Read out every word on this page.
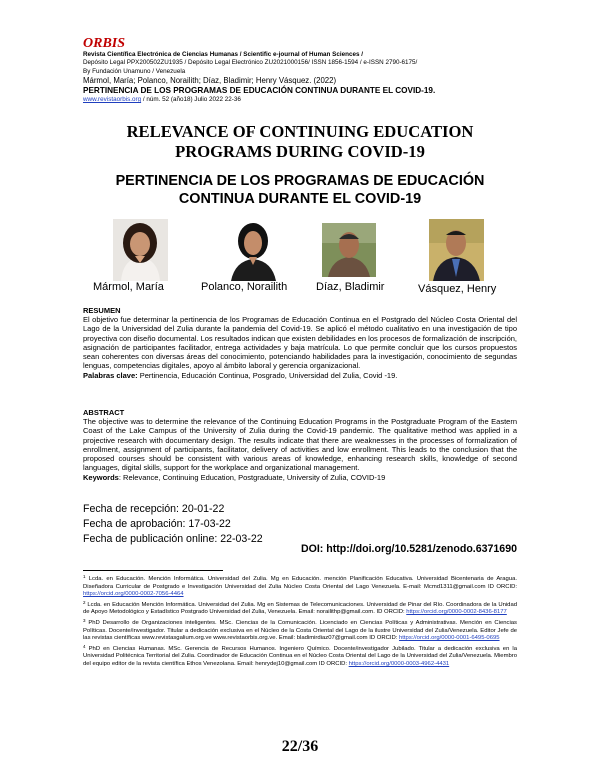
ORBIS
Revista Científica Electrónica de Ciencias Humanas / Scientific e-journal of Human Sciences /
Depósito Legal PPX200502ZU1935 / Depósito Legal Electrónico ZU2021000156/ ISSN 1856-1594 / e-ISSN 2790-6175/
By Fundación Unamuno / Venezuela
Mármol, María; Polanco, Norailith; Díaz, Bladimir; Henry Vásquez. (2022)
PERTINENCIA DE LOS PROGRAMAS DE EDUCACIÓN CONTINUA DURANTE EL COVID-19.
www.revistaorbis.org / núm. 52 (año18) Julio 2022 22-36
RELEVANCE OF CONTINUING EDUCATION PROGRAMS DURING COVID-19
PERTINENCIA DE LOS PROGRAMAS DE EDUCACIÓN CONTINUA DURANTE EL COVID-19
Mármol, María	Polanco, Norailith	Díaz, Bladimir	Vásquez, Henry
RESUMEN

El objetivo fue determinar la pertinencia de los Programas de Educación Continua en el Postgrado del Núcleo Costa Oriental del Lago de la Universidad del Zulia durante la pandemia del Covid-19. Se aplicó el método cualitativo en una investigación de tipo proyectiva con diseño documental. Los resultados indican que existen debilidades en los procesos de formalización de inscripción, asignación de participantes facilitador, entrega actividades y baja matrícula. Lo que permite concluir que los cursos propuestos sean coherentes con diversas áreas del conocimiento, potenciando habilidades para la investigación, conocimiento de segundas lenguas, competencias digitales, apoyo al ámbito laboral y gerencia organizacional.

Palabras clave: Pertinencia, Educación Continua, Posgrado, Universidad del Zulia, Covid -19.

ABSTRACT

The objective was to determine the relevance of the Continuing Education Programs in the Postgraduate Program of the Eastern Coast of the Lake Campus of the University of Zulia during the Covid-19 pandemic. The qualitative method was applied in a projective research with documentary design. The results indicate that there are weaknesses in the processes of formalization of enrollment, assignment of participants, facilitator, delivery of activities and low enrollment. This leads to the conclusion that the proposed courses should be consistent with various areas of knowledge, enhancing research skills, knowledge of second languages, digital skills, support for the workplace and organizational management.

Keywords: Relevance, Continuing Education, Postgraduate, University of Zulia, COVID-19

Fecha de recepción: 20-01-22
Fecha de aprobación: 17-03-22
Fecha de publicación online: 22-03-22
DOI: http://doi.org/10.5281/zenodo.6371690

$^1$ Lcda. en Educación. Mención Informática. Universidad del Zulia. Mg en Educación. mención Planificación Educativa. Universidad Bicentenaria de Aragua. Diseñadora Curricular de Postgrado e Investigación Universidad del Zulia Núcleo Costa Oriental del Lago Venezuela. E-mail: Mcmd1311@gmail.com ID ORCID: https://orcid.org/0000-0002-7056-4464

$^2$ Lcda. en Educación Mención Informática. Universidad del Zulia. Mg en Sistemas de Telecomunicaciones. Universidad de Pinar del Río. Coordinadora de la Unidad de Apoyo Metodológico y Estadístico Postgrado Universidad del Zulia, Venezuela. Email: norailithp@gmail.com. ID ORCID: https://orcid.org/0000-0002-8436-8177

$^3$ PhD Desarrollo de Organizaciones inteligentes. MSc. Ciencias de la Comunicación. Licenciado en Ciencias Políticas y Administrativas. Mención en Ciencias Políticas. Docente/investigador. Titular a dedicación exclusiva en el Núcleo de la Costa Oriental del Lago de la ilustre Universidad del Zulia/Venezuela. Editor Jefe de las revistas científicas www.revistasgalium.org.ve www.revistaorbis.org.ve. Email: bladimirdiaz07@gmail.com ID ORCID: https://orcid.org/0000-0001-6495-0695

$^4$ PhD en Ciencias Humanas. MSc. Gerencia de Recursos Humanos. Ingeniero Químico. Docente/investigador Jubilado. Titular a dedicación exclusiva en la Universidad Politécnica Territorial del Zulia. Coordinador de Educación Continua en el Núcleo Costa Oriental del Lago de la Universidad del Zulia/Venezuela. Miembro del equipo editor de la revista científica Ethos Venezolana. Email: henrydej10@gmail.com ID ORCID: https://orcid.org/0000-0003-4962-4431

22/36
